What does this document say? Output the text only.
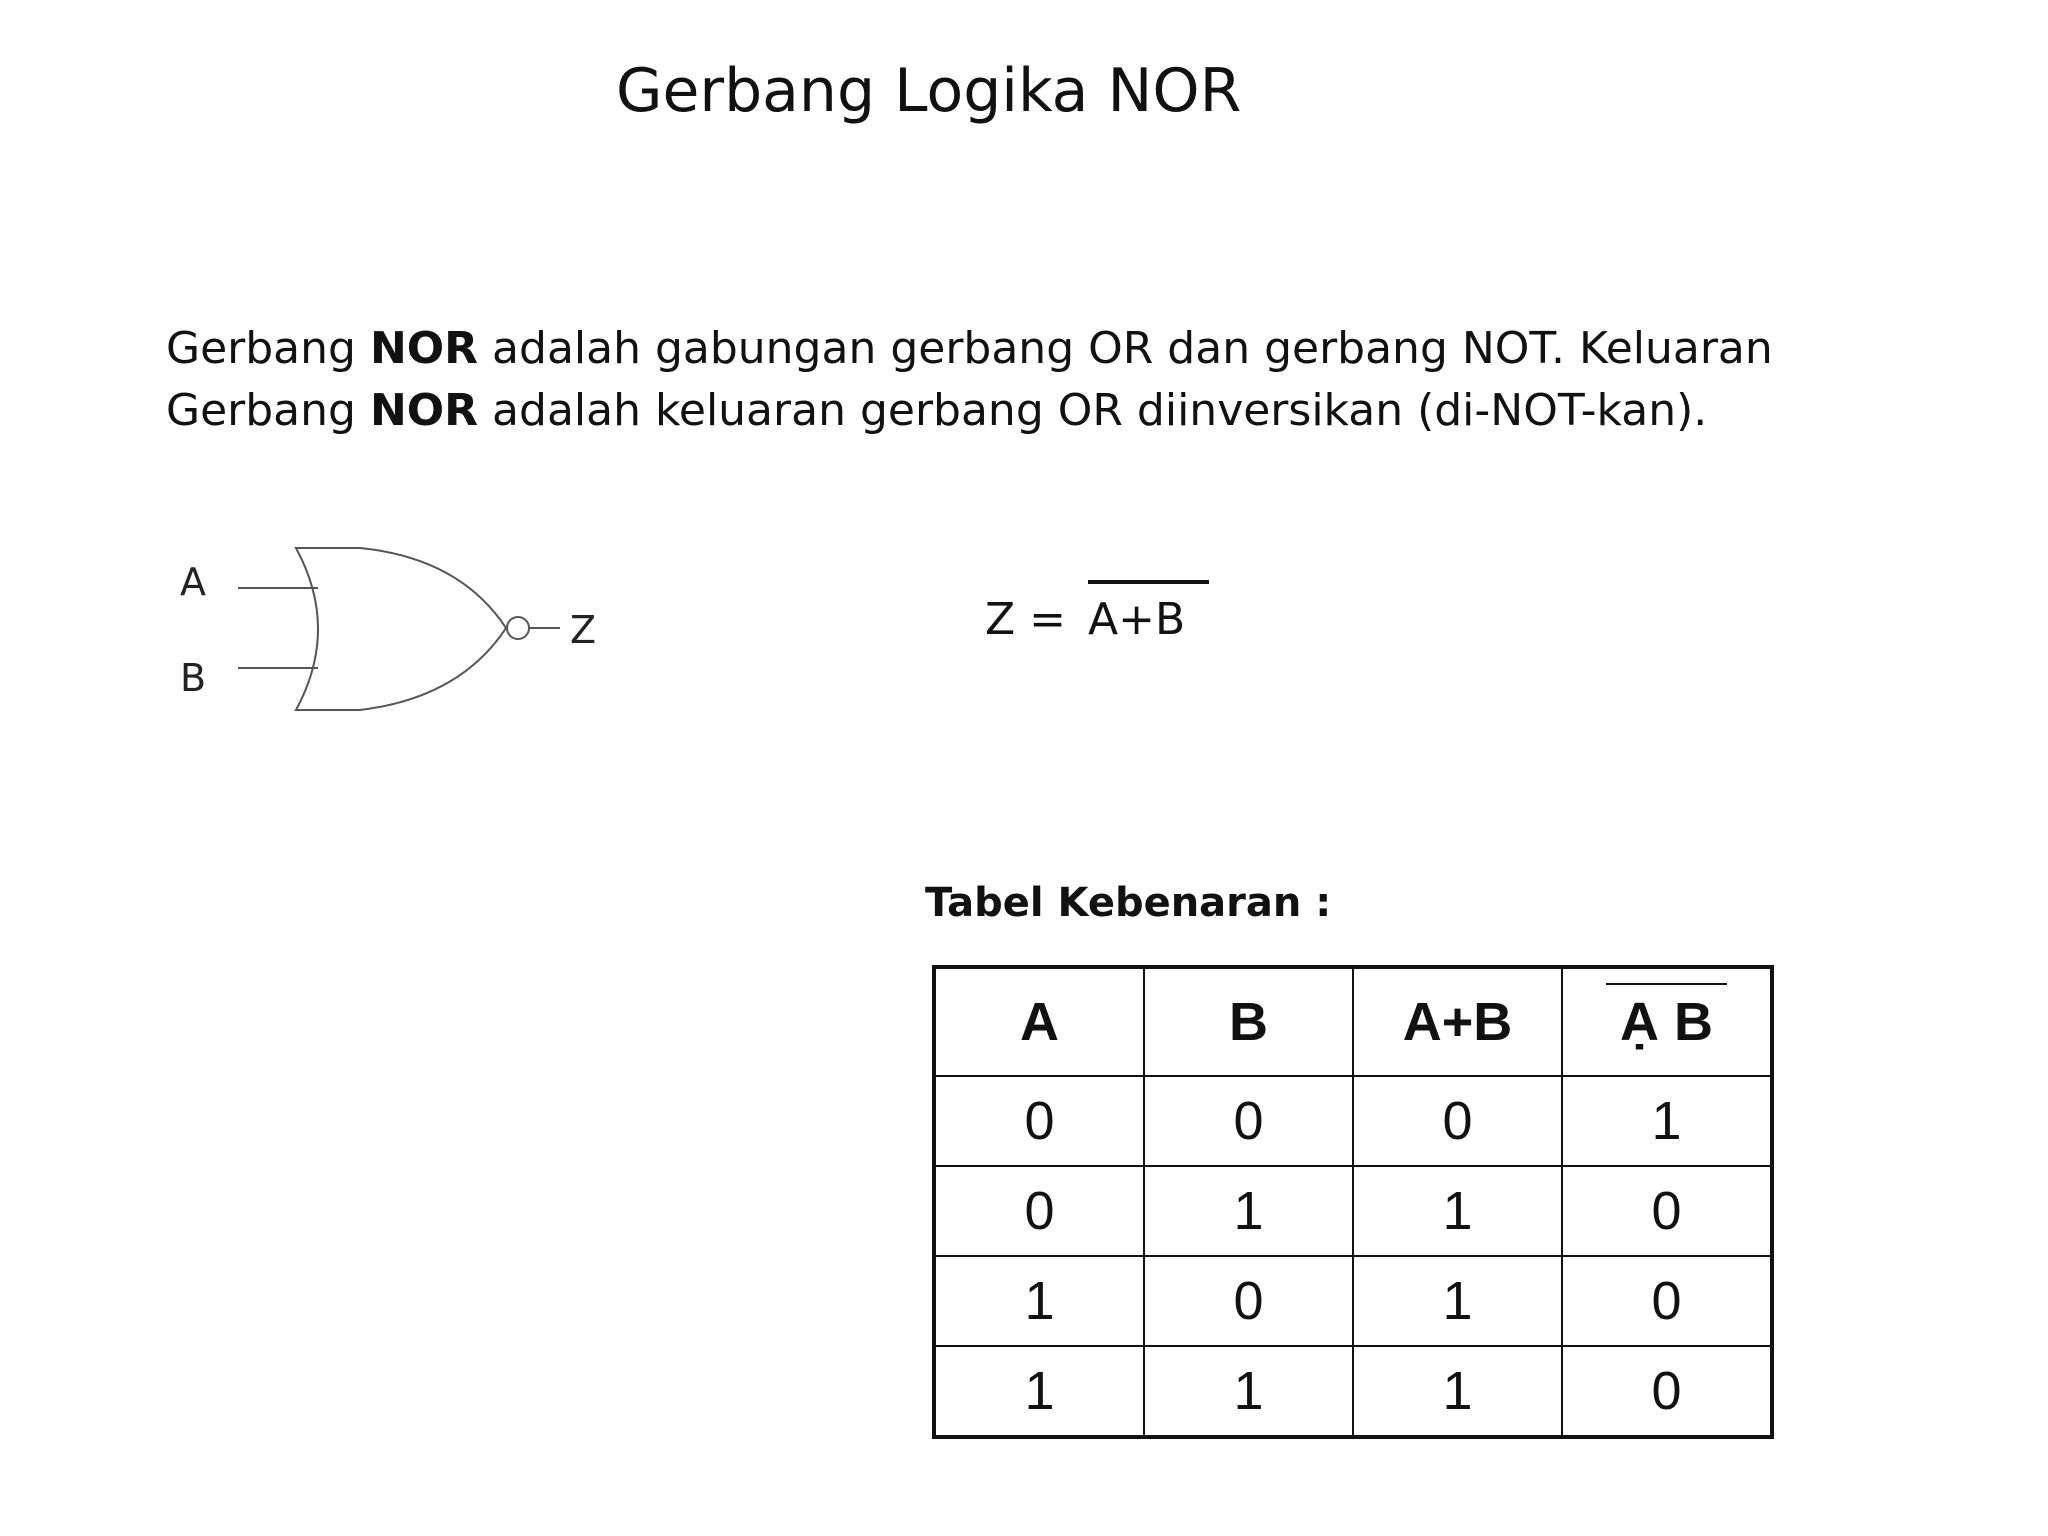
Gerbang Logika NOR
Gerbang NOR adalah gabungan gerbang OR dan gerbang NOT. Keluaran Gerbang NOR adalah keluaran gerbang OR diinversikan (di-NOT-kan).
A
B
Z	Z = A+B
Tabel Kebenaran :
A	B	A+B	Ạ B
0	0	0	1
0	1	1	0
1	0	1	0
1	1	1	0
